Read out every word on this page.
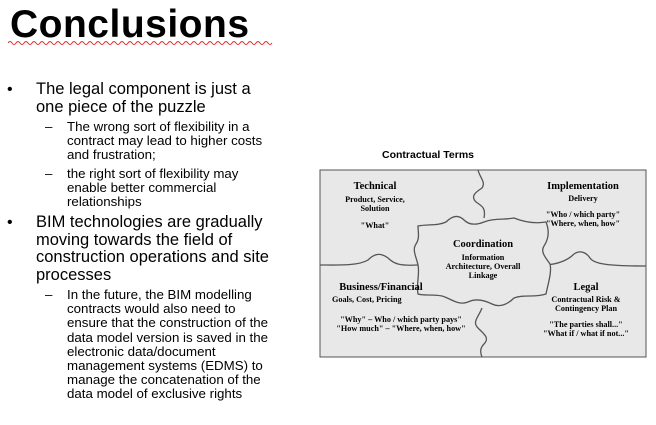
Conclusions
• The legal component is just a
one piece of the puzzle
– The wrong sort of flexibility in a
contract may lead to higher costs
and frustration;
– the right sort of flexibility may
enable better commercial
relationships
• BIM technologies are gradually
moving towards the field of
construction operations and site
processes
– In the future, the BIM modelling
contracts would also need to
ensure that the construction of the
data model version is saved in the
electronic data/document
management systems (EDMS) to
manage the concatenation of the
data model of exclusive rights
Contractual Terms
Technical
Product, Service,
Solution
"What"
Implementation
Delivery
"Who / which party"
"Where, when, how"
Coordination
Information
Architecture, Overall
Linkage
Business/Financial
Goals, Cost, Pricing
"Why" – Who / which party pays"
"How much" – "Where, when, how"
Legal
Contractual Risk &
Contingency Plan
"The parties shall..."
"What if / what if not..."
